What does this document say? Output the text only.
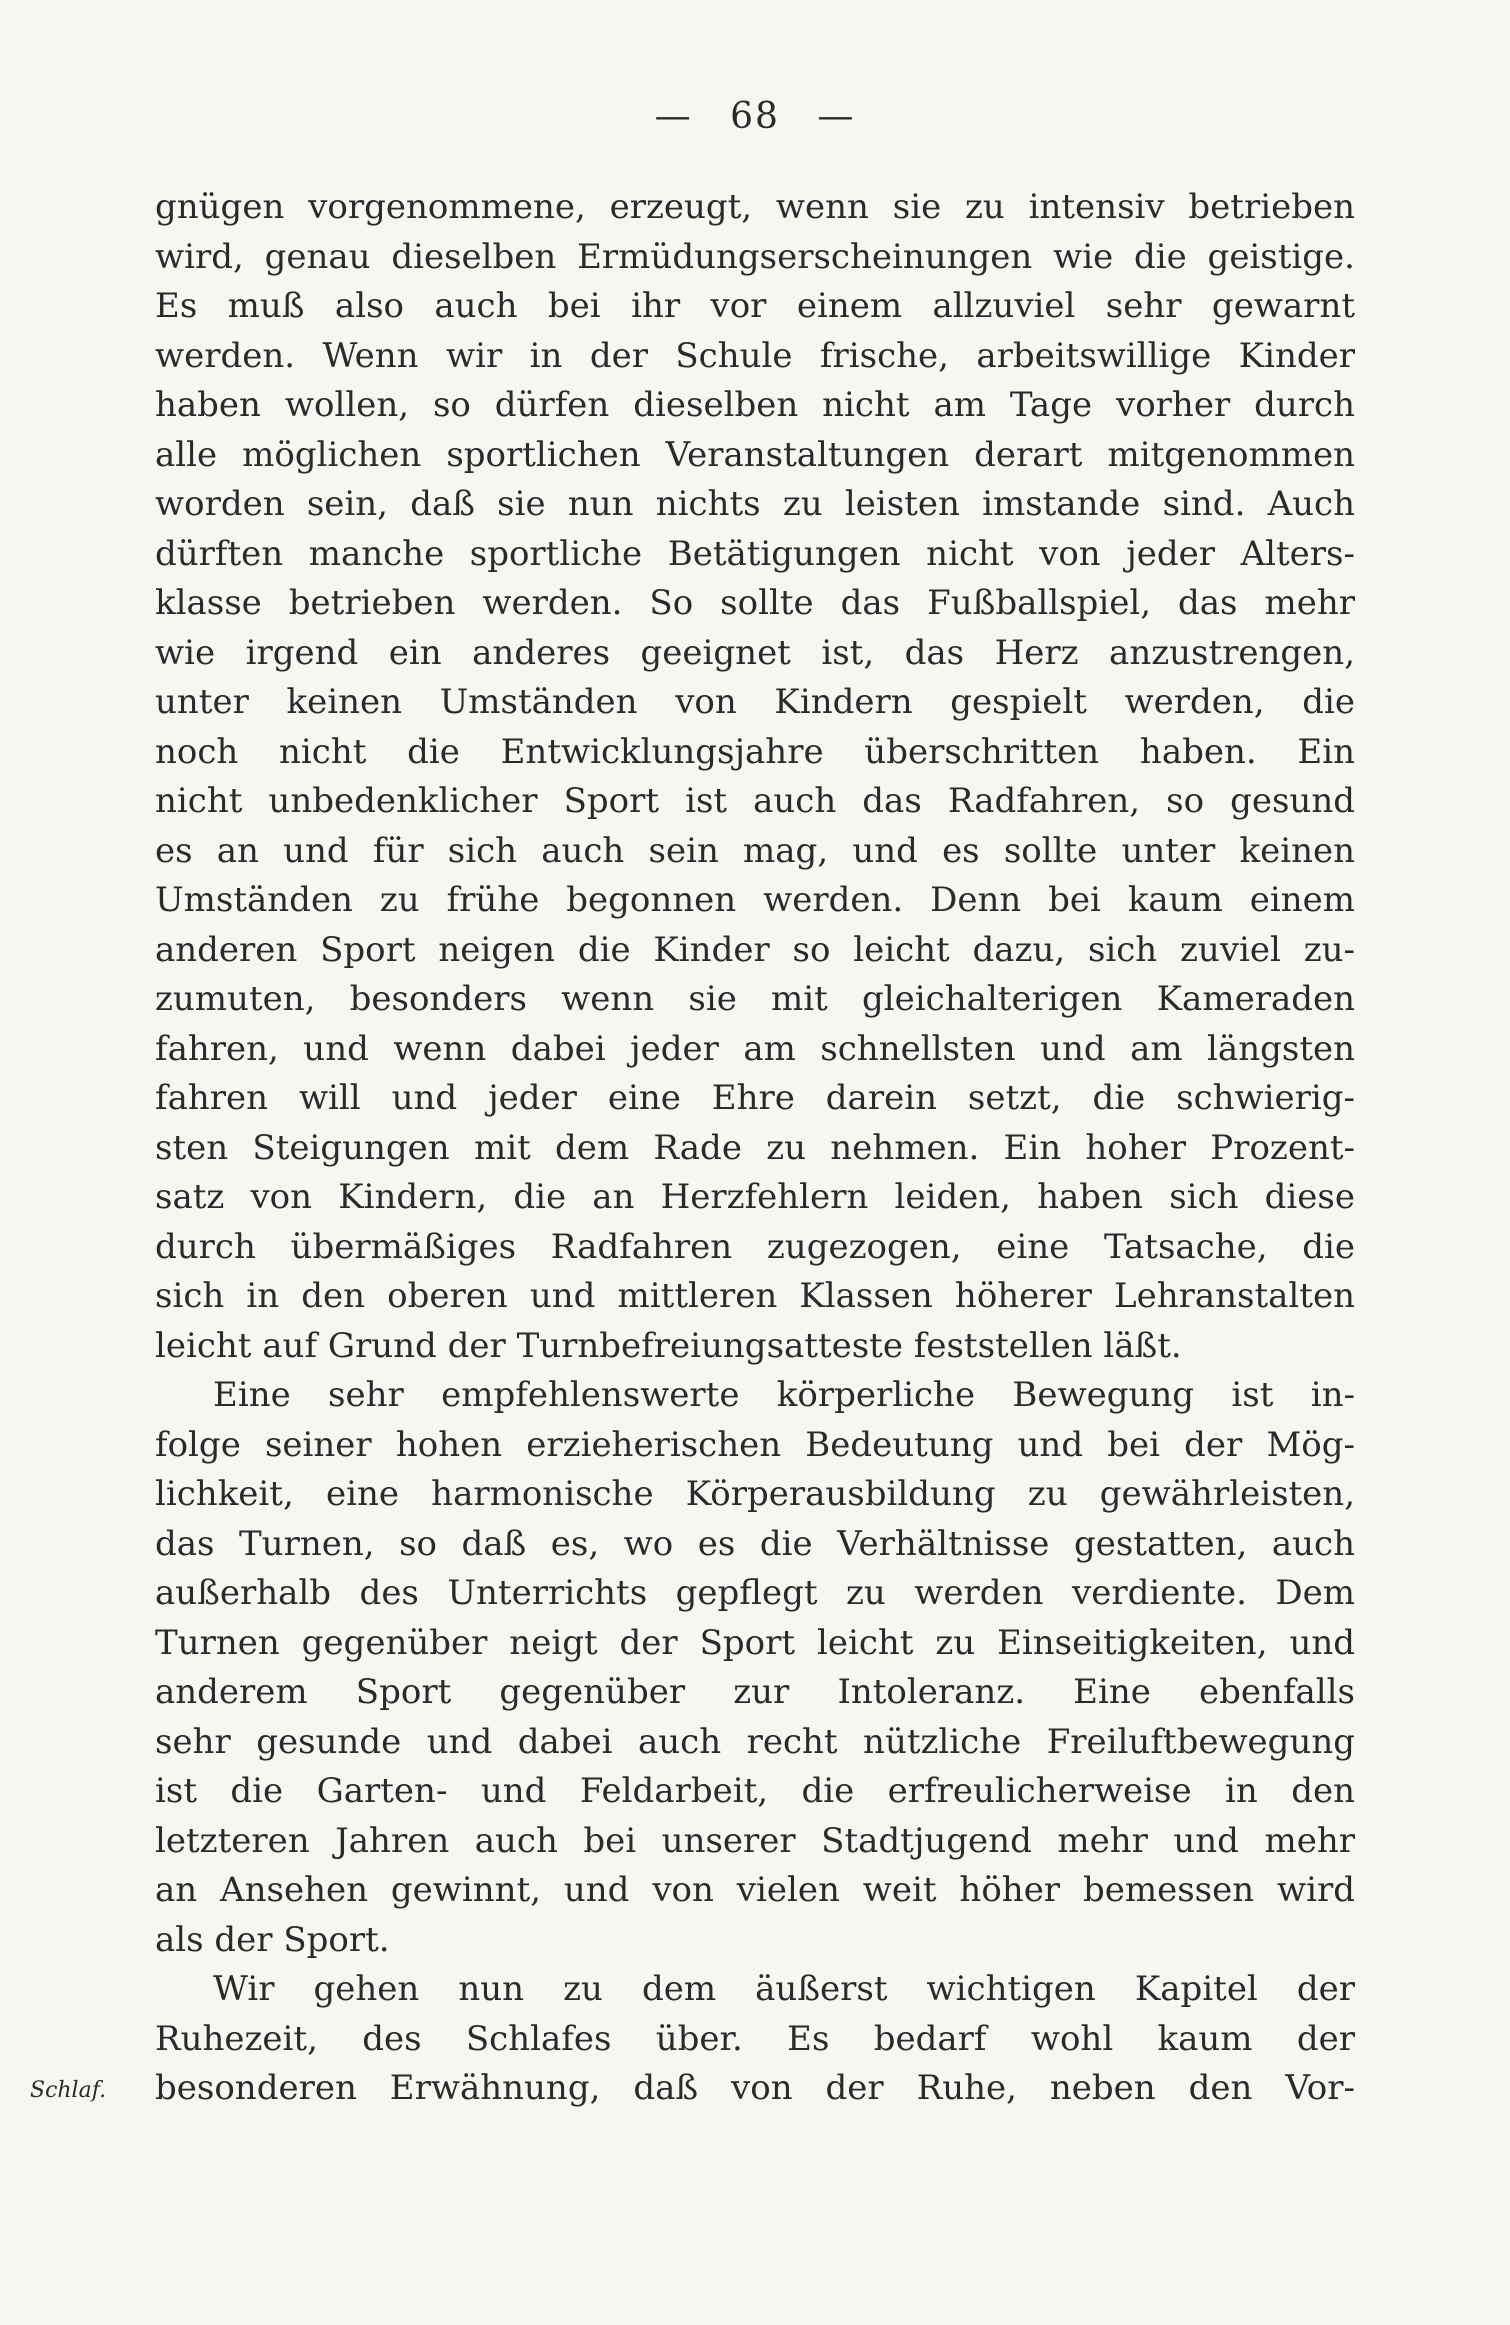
— 68 —
gnügen vorgenommene, erzeugt, wenn sie zu intensiv betrieben
wird, genau dieselben Ermüdungserscheinungen wie die geistige.
Es muß also auch bei ihr vor einem allzuviel sehr gewarnt
werden. Wenn wir in der Schule frische, arbeitswillige Kinder
haben wollen, so dürfen dieselben nicht am Tage vorher durch
alle möglichen sportlichen Veranstaltungen derart mitgenommen
worden sein, daß sie nun nichts zu leisten imstande sind. Auch
dürften manche sportliche Betätigungen nicht von jeder Alters-
klasse betrieben werden. So sollte das Fußballspiel, das mehr
wie irgend ein anderes geeignet ist, das Herz anzustrengen,
unter keinen Umständen von Kindern gespielt werden, die
noch nicht die Entwicklungsjahre überschritten haben. Ein
nicht unbedenklicher Sport ist auch das Radfahren, so gesund
es an und für sich auch sein mag, und es sollte unter keinen
Umständen zu frühe begonnen werden. Denn bei kaum einem
anderen Sport neigen die Kinder so leicht dazu, sich zuviel zu-
zumuten, besonders wenn sie mit gleichalterigen Kameraden
fahren, und wenn dabei jeder am schnellsten und am längsten
fahren will und jeder eine Ehre darein setzt, die schwierig-
sten Steigungen mit dem Rade zu nehmen. Ein hoher Prozent-
satz von Kindern, die an Herzfehlern leiden, haben sich diese
durch übermäßiges Radfahren zugezogen, eine Tatsache, die
sich in den oberen und mittleren Klassen höherer Lehranstalten
leicht auf Grund der Turnbefreiungsatteste feststellen läßt.
Eine sehr empfehlenswerte körperliche Bewegung ist in-
folge seiner hohen erzieherischen Bedeutung und bei der Mög-
lichkeit, eine harmonische Körperausbildung zu gewährleisten,
das Turnen, so daß es, wo es die Verhältnisse gestatten, auch
außerhalb des Unterrichts gepflegt zu werden verdiente. Dem
Turnen gegenüber neigt der Sport leicht zu Einseitigkeiten, und
anderem Sport gegenüber zur Intoleranz. Eine ebenfalls
sehr gesunde und dabei auch recht nützliche Freiluftbewegung
ist die Garten- und Feldarbeit, die erfreulicherweise in den
letzteren Jahren auch bei unserer Stadtjugend mehr und mehr
an Ansehen gewinnt, und von vielen weit höher bemessen wird
als der Sport.
Wir gehen nun zu dem äußerst wichtigen Kapitel der
Ruhezeit, des Schlafes über. Es bedarf wohl kaum der
besonderen Erwähnung, daß von der Ruhe, neben den Vor-
Schlaf.
